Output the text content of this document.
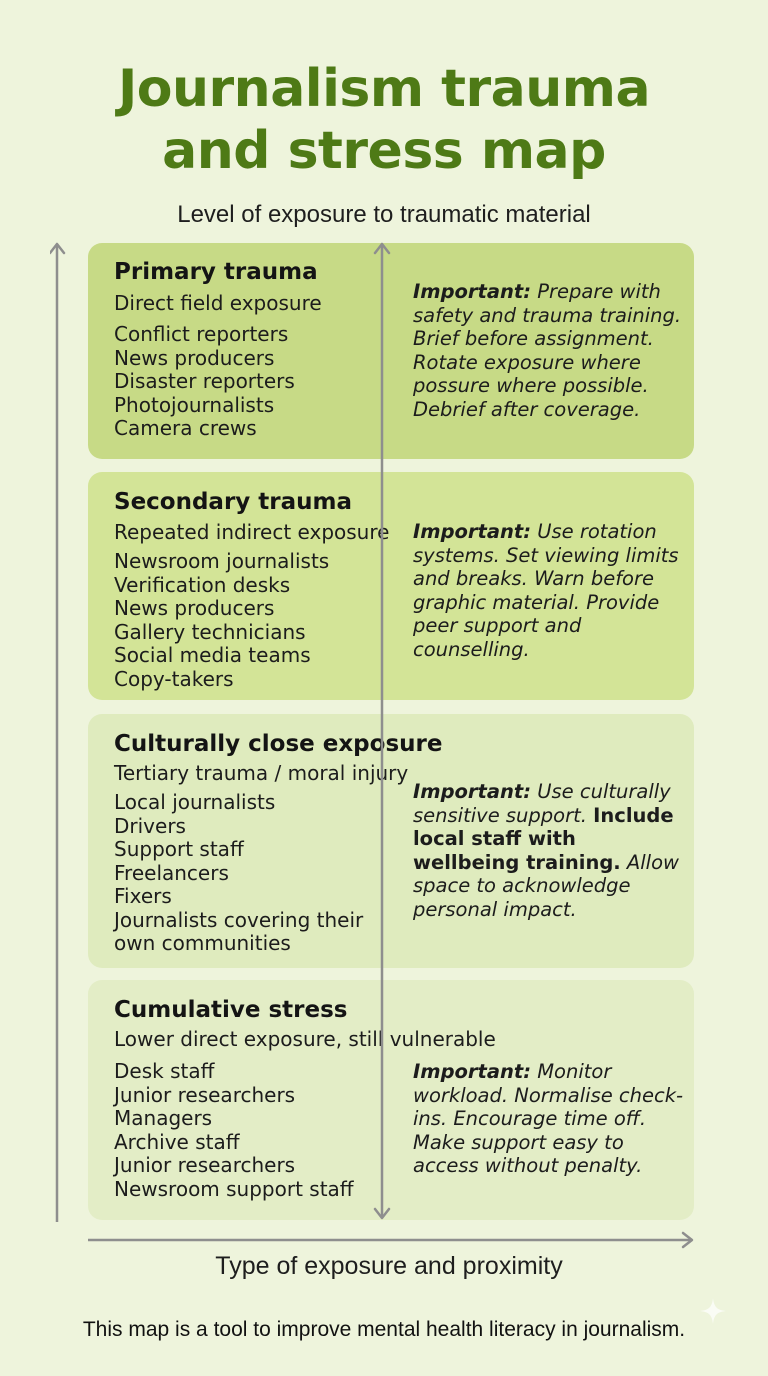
Journalism trauma
and stress map
Level of exposure to traumatic material
Primary trauma
Direct field exposure
Conflict reporters
News producers
Disaster reporters
Photojournalists
Camera crews
Important: Prepare with safety and trauma training. Brief before assignment. Rotate exposure where possure where possible. Debrief after coverage.
Secondary trauma
Repeated indirect exposure
Newsroom journalists
Verification desks
News producers
Gallery technicians
Social media teams
Copy-takers
Important: Use rotation systems. Set viewing limits and breaks. Warn before graphic material. Provide peer support and counselling.
Culturally close exposure
Tertiary trauma / moral injury
Local journalists
Drivers
Support staff
Freelancers
Fixers
Journalists covering their own communities
Important: Use culturally sensitive support. Include local staff with wellbeing training. Allow space to acknowledge personal impact.
Cumulative stress
Lower direct exposure, still vulnerable
Desk staff
Junior researchers
Managers
Archive staff
Junior researchers
Newsroom support staff
Important: Monitor workload. Normalise check-ins. Encourage time off. Make support easy to access without penalty.
Type of exposure and proximity
This map is a tool to improve mental health literacy in journalism.
